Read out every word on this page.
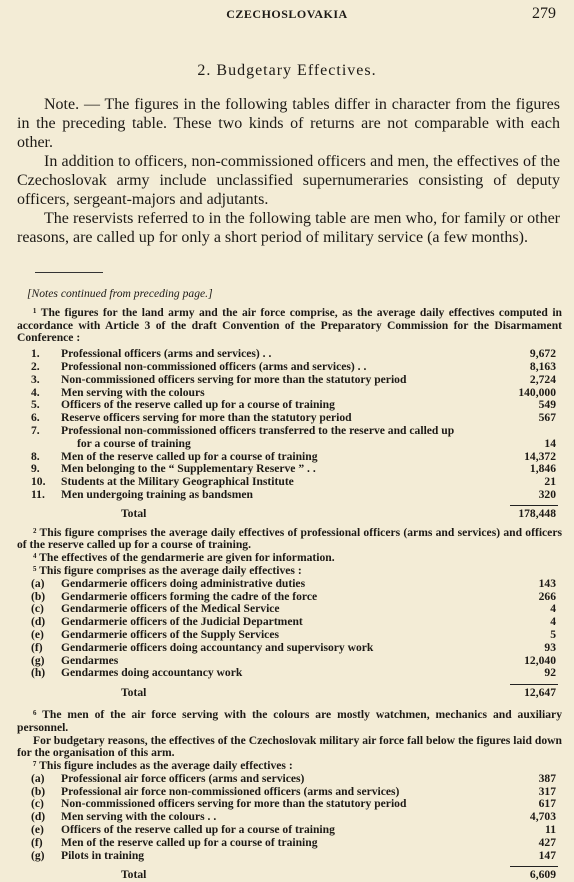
CZECHOSLOVAKIA	279
2. Budgetary Effectives.

Note. — The figures in the following tables differ in character from the figures in the preceding table. These two kinds of returns are not comparable with each other.

In addition to officers, non-commissioned officers and men, the effectives of the Czechoslovak army include unclassified supernumeraries consisting of deputy officers, sergeant-majors and adjutants.

The reservists referred to in the following table are men who, for family or other reasons, are called up for only a short period of military service (a few months).

[Notes continued from preceding page.]

¹ The figures for the land army and the air force comprise, as the average daily effectives computed in accordance with Article 3 of the draft Convention of the Preparatory Commission for the Disarmament Conference :

1. Professional officers (arms and services) . .	9,672
2. Professional non-commissioned officers (arms and services) . .	8,163
3. Non-commissioned officers serving for more than the statutory period	2,724
4. Men serving with the colours	140,000
5. Officers of the reserve called up for a course of training	549
6. Reserve officers serving for more than the statutory period	567
7. Professional non-commissioned officers transferred to the reserve and called up
for a course of training	14
8. Men of the reserve called up for a course of training	14,372
9. Men belonging to the “ Supplementary Reserve ” . .	1,846
10. Students at the Military Geographical Institute	21
11. Men undergoing training as bandsmen	320
Total	178,448

² This figure comprises the average daily effectives of professional officers (arms and services) and officers of the reserve called up for a course of training.

⁴ The effectives of the gendarmerie are given for information.

⁵ This figure comprises as the average daily effectives :

(a) Gendarmerie officers doing administrative duties	143
(b) Gendarmerie officers forming the cadre of the force	266
(c) Gendarmerie officers of the Medical Service	4
(d) Gendarmerie officers of the Judicial Department	4
(e) Gendarmerie officers of the Supply Services	5
(f) Gendarmerie officers doing accountancy and supervisory work	93
(g) Gendarmes	12,040
(h) Gendarmes doing accountancy work	92
Total	12,647

⁶ The men of the air force serving with the colours are mostly watchmen, mechanics and auxiliary personnel.

For budgetary reasons, the effectives of the Czechoslovak military air force fall below the figures laid down for the organisation of this arm.

⁷ This figure includes as the average daily effectives :

(a) Professional air force officers (arms and services)	387
(b) Professional air force non-commissioned officers (arms and services)	317
(c) Non-commissioned officers serving for more than the statutory period	617
(d) Men serving with the colours . .	4,703
(e) Officers of the reserve called up for a course of training	11
(f) Men of the reserve called up for a course of training	427
(g) Pilots in training	147
Total	6,609
